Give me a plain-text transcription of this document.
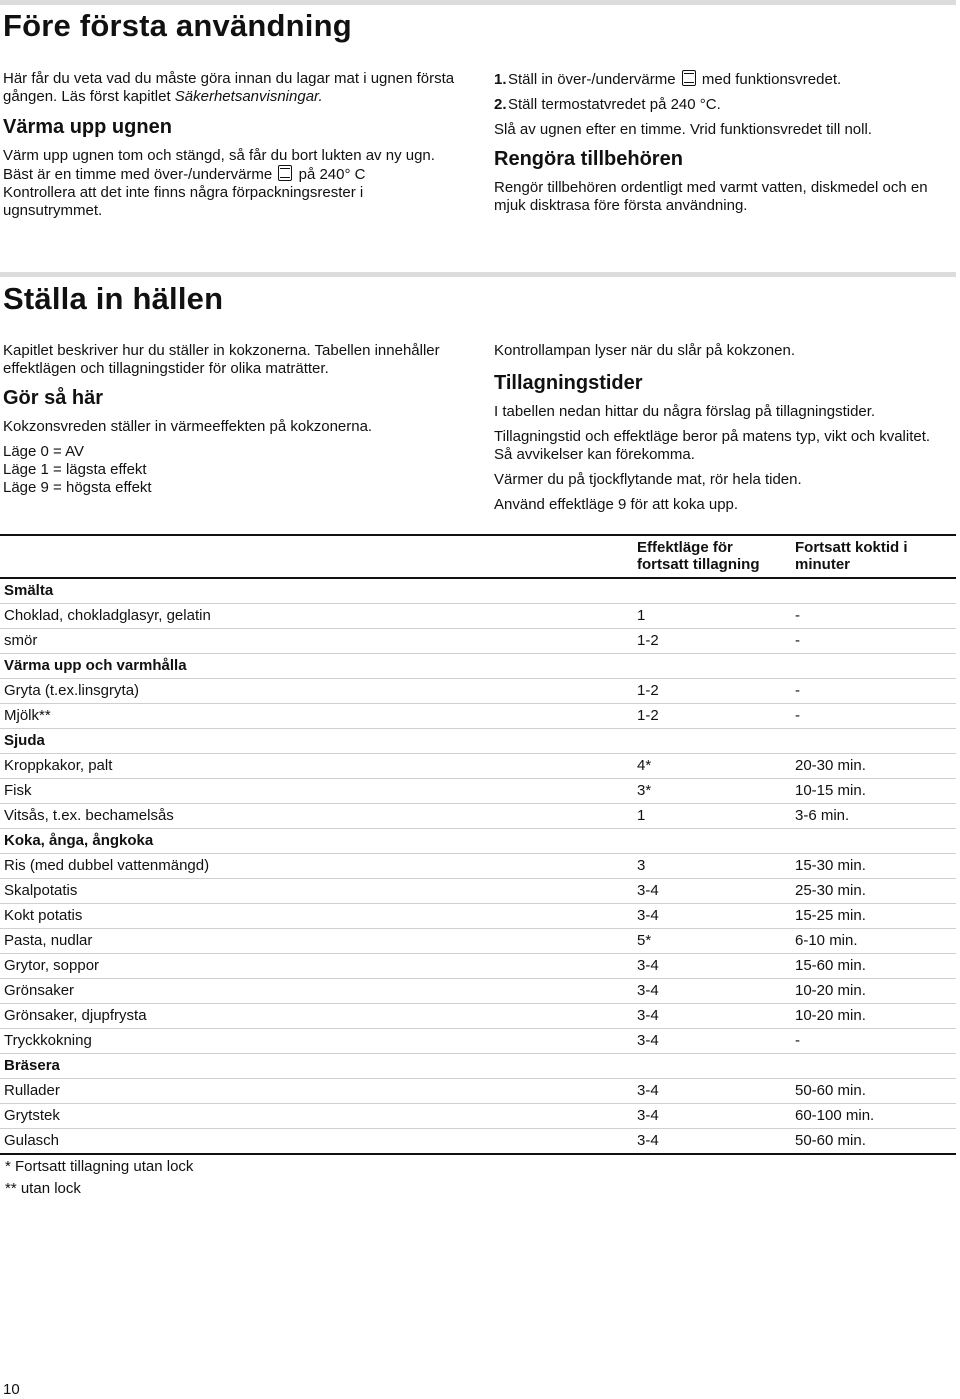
Före första användning

Här får du veta vad du måste göra innan du lagar mat i ugnen första gången. Läs först kapitlet Säkerhetsanvisningar.

Värma upp ugnen

Värm upp ugnen tom och stängd, så får du bort lukten av ny ugn. Bäst är en timme med över-/undervärme  på 240° C
Kontrollera att det inte finns några förpackningsrester i ugnsutrymmet.

1.Ställ in över-/undervärme  med funktionsvredet.
2.Ställ termostatvredet på 240 °C.
Slå av ugnen efter en timme. Vrid funktionsvredet till noll.
Rengöra tillbehören

Rengör tillbehören ordentligt med varmt vatten, diskmedel och en mjuk disktrasa före första användning.

Ställa in hällen

Kapitlet beskriver hur du ställer in kokzonerna. Tabellen innehåller effektlägen och tillagningstider för olika maträtter.

Gör så här

Kokzonsvreden ställer in värmeeffekten på kokzonerna.

Läge 0 = AV
Läge 1 = lägsta effekt
Läge 9 = högsta effekt

Kontrollampan lyser när du slår på kokzonen.

Tillagningstider

I tabellen nedan hittar du några förslag på tillagningstider.

Tillagningstid och effektläge beror på matens typ, vikt och kvalitet. Så avvikelser kan förekomma.

Värmer du på tjockflytande mat, rör hela tiden.

Använd effektläge 9 för att koka upp.

	Effektläge för fortsatt tillagning	Fortsatt koktid i minuter
Smälta		
Choklad, chokladglasyr, gelatin	1	-
smör	1-2	-
Värma upp och varmhålla		
Gryta (t.ex.linsgryta)	1-2	-
Mjölk**	1-2	-
Sjuda		
Kroppkakor, palt	4*	20-30 min.
Fisk	3*	10-15 min.
Vitsås, t.ex. bechamelsås	1	3-6 min.
Koka, ånga, ångkoka		
Ris (med dubbel vattenmängd)	3	15-30 min.
Skalpotatis	3-4	25-30 min.
Kokt potatis	3-4	15-25 min.
Pasta, nudlar	5*	6-10 min.
Grytor, soppor	3-4	15-60 min.
Grönsaker	3-4	10-20 min.
Grönsaker, djupfrysta	3-4	10-20 min.
Tryckkokning	3-4	-
Bräsera		
Rullader	3-4	50-60 min.
Grytstek	3-4	60-100 min.
Gulasch	3-4	50-60 min.
* Fortsatt tillagning utan lock
** utan lock
10
